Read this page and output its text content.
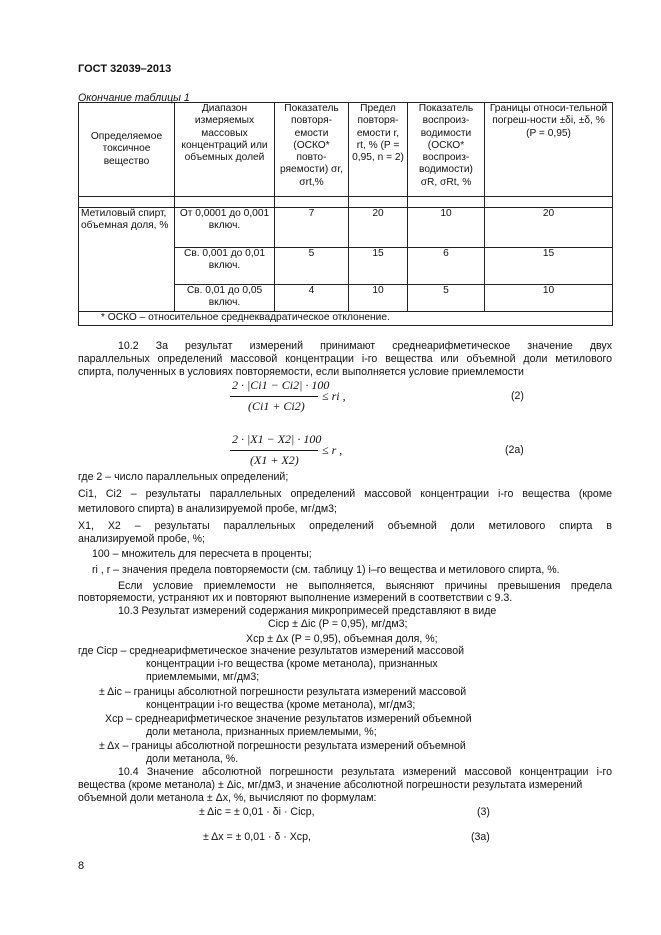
ГОСТ 32039–2013
Окончание таблицы 1
Определяемое токсичное вещество	Диапазон измеряемых массовых концентраций или объемных долей	Показатель повторя-емости (ОСКО* повто-ряемости) σr, σrt,%	Предел повторя-емости r, rt, % (P = 0,95, n = 2)	Показатель воспроиз-водимости (ОСКО* воспроиз-водимости) σR, σRt, %	Границы относи-тельной погреш-ности ±δi, ±δ, % (P = 0,95)

Метиловый спирт, объемная доля, %	От 0,0001 до 0,001 включ.	7	20	10	20
	Св. 0,001 до 0,01 включ.	5	15	6	15
	Св. 0,01 до 0,05 включ.	4	10	5	10
* ОСКО – относительное среднеквадратическое отклонение.					
10.2 За результат измерений принимают среднеарифметическое значение двух
параллельных определений массовой концентрации i-го вещества или объемной доли метилового
спирта, полученных в условиях повторяемости, если выполняется условие приемлемости
2 · |Ci1 − Ci2| · 100
(Ci1 + Ci2)
≤ ri ,	(2)
2 · |X1 − X2| · 100
(X1 + X2)
≤ r ,	(2a)
где 2 – число параллельных определений;
Ci1, Ci2 – результаты параллельных определений массовой концентрации i-го вещества (кроме
метилового спирта) в анализируемой пробе, мг/дм3;
X1, X2 – результаты параллельных определений объемной доли метилового спирта в
анализируемой пробе, %;
100 – множитель для пересчета в проценты;
ri , r – значения предела повторяемости (см. таблицу 1) i–го вещества и метилового спирта, %.
Если условие приемлемости не выполняется, выясняют причины превышения предела
повторяемости, устраняют их и повторяют выполнение измерений в соответствии с 9.3.
10.3 Результат измерений содержания микропримесей представляют в виде
Ciср ± Δic (P = 0,95), мг/дм3;
Xср ± Δx (P = 0,95), объемная доля, %;
где Ciср – среднеарифметическое значение результатов измерений массовой
концентрации i-го вещества (кроме метанола), признанных
приемлемыми, мг/дм3;
± Δic – границы абсолютной погрешности результата измерений массовой
концентрации i-го вещества (кроме метанола), мг/дм3;
Xср – среднеарифметическое значение результатов измерений объемной
доли метанола, признанных приемлемыми, %;
± Δx – границы абсолютной погрешности результата измерений объемной
доли метанола, %.
10.4 Значение абсолютной погрешности результата измерений массовой концентрации i-го
вещества (кроме метанола) ± Δic, мг/дм3, и значение абсолютной погрешности результата измерений
объемной доли метанола ± Δx, %, вычисляют по формулам:
± Δic = ± 0,01 · δi · Ciср,	(3)
± Δx = ± 0,01 · δ · Xср,	(3a)
8
